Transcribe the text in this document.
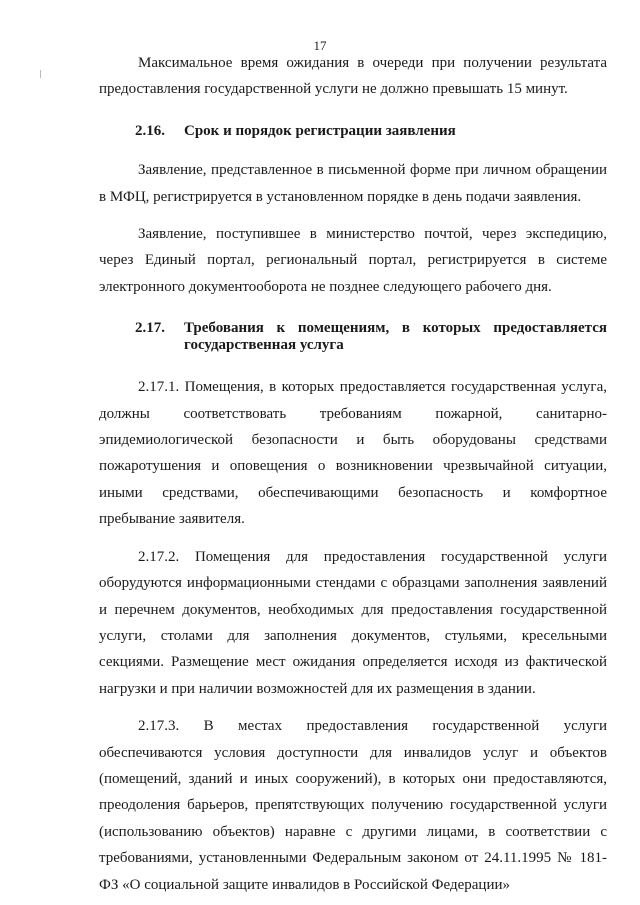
17

Максимальное время ожидания в очереди при получении результата предоставления государственной услуги не должно превышать 15 минут.

2.16.	Срок и порядок регистрации заявления

Заявление, представленное в письменной форме при личном обращении в МФЦ, регистрируется в установленном порядке в день подачи заявления.

Заявление, поступившее в министерство почтой, через экспедицию, через Единый портал, региональный портал, регистрируется в системе электронного документооборота не позднее следующего рабочего дня.

2.17.	Требования к помещениям, в которых предоставляется государственная услуга

2.17.1. Помещения, в которых предоставляется государственная услуга, должны соответствовать требованиям пожарной, санитарно-эпидемиологической безопасности и быть оборудованы средствами пожаротушения и оповещения о возникновении чрезвычайной ситуации, иными средствами, обеспечивающими безопасность и комфортное пребывание заявителя.

2.17.2. Помещения для предоставления государственной услуги оборудуются информационными стендами с образцами заполнения заявлений и перечнем документов, необходимых для предоставления государственной услуги, столами для заполнения документов, стульями, кресельными секциями. Размещение мест ожидания определяется исходя из фактической нагрузки и при наличии возможностей для их размещения в здании.

2.17.3. В местах предоставления государственной услуги обеспечиваются условия доступности для инвалидов услуг и объектов (помещений, зданий и иных сооружений), в которых они предоставляются, преодоления барьеров, препятствующих получению государственной услуги (использованию объектов) наравне с другими лицами, в соответствии с требованиями, установленными Федеральным законом от 24.11.1995 № 181-ФЗ «О социальной защите инвалидов в Российской Федерации»
